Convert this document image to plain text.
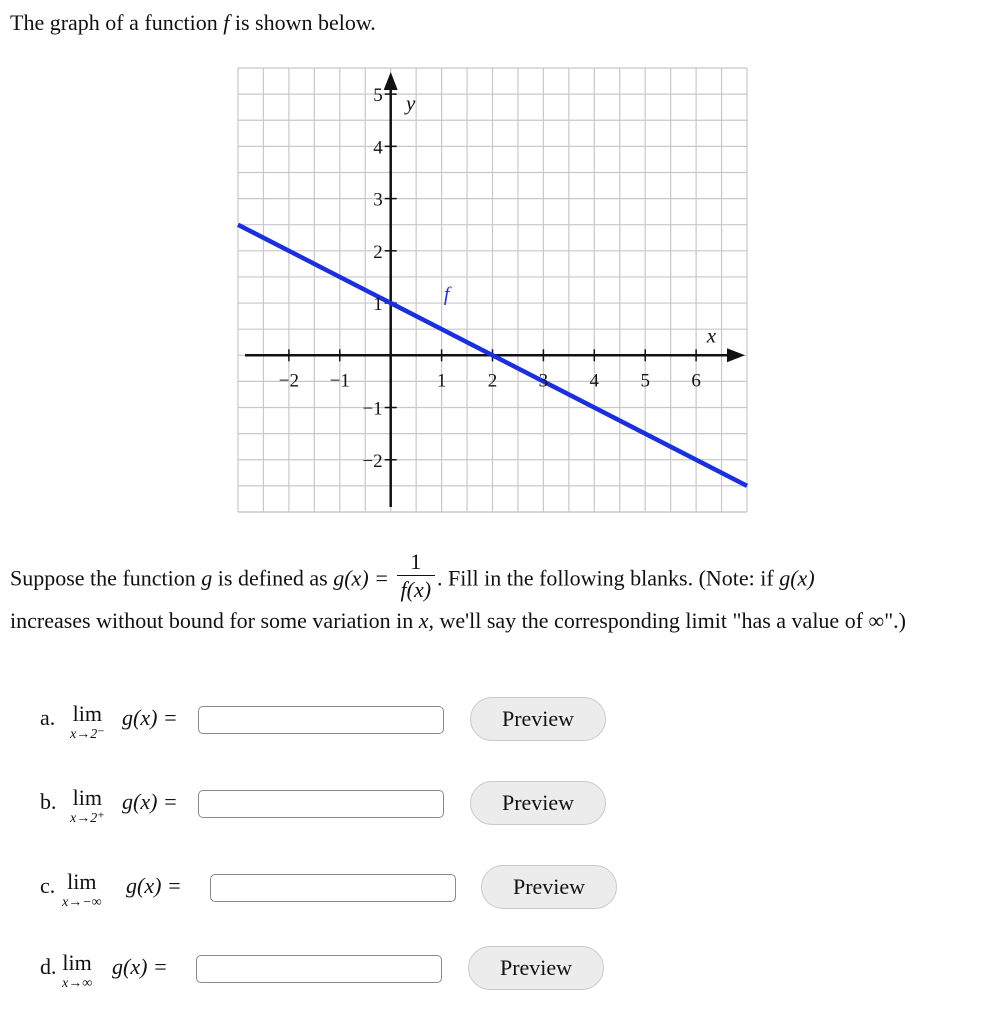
The graph of a function f is shown below.
−2 −1	1 2 3 4 5 6
5
4
3
2
1
−1
−2
x
y
f
Suppose the function g is defined as $g(x) = \frac{1}{f(x)}$ . Fill in the following blanks. (Note: if g(x)
increases without bound for some variation in x, we'll say the corresponding limit "has a value of ∞".)
a. lim
x→2⁻
g(x) =	Preview
b. lim
x→2⁺
g(x) =	Preview
c. lim
x→−∞
g(x) =	Preview
d. lim
x→∞
g(x) =	Preview
